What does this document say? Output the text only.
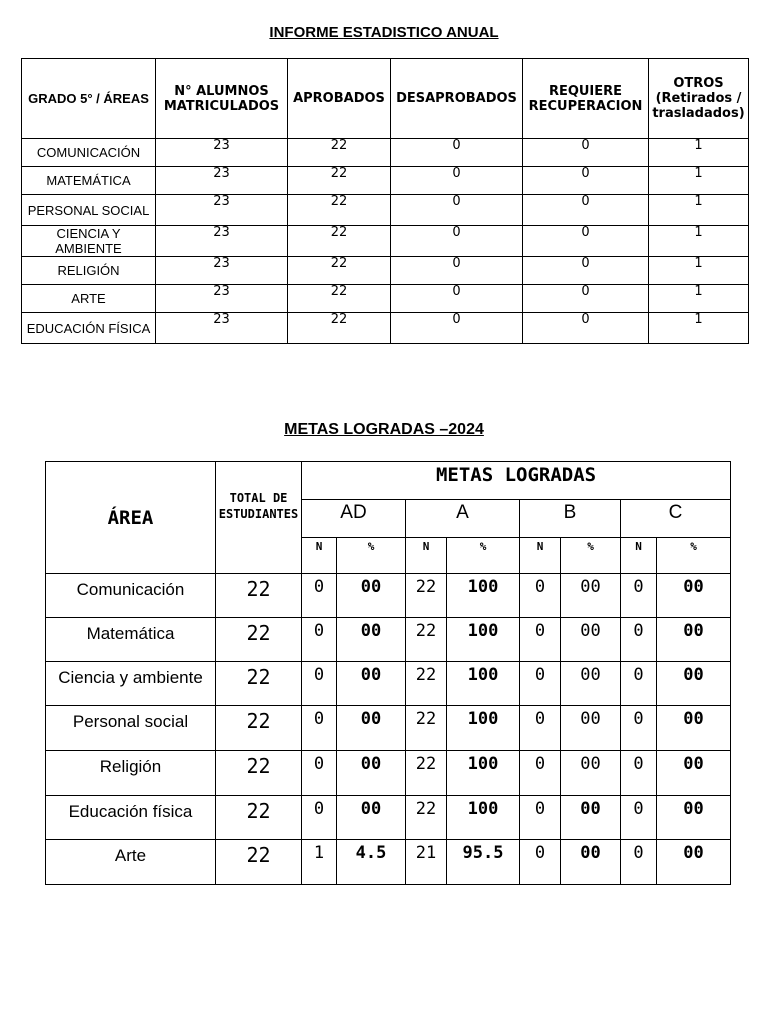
INFORME ESTADISTICO ANUAL
GRADO 5° / ÁREAS	N° ALUMNOS MATRICULADOS	APROBADOS	DESAPROBADOS	REQUIERE RECUPERACION	OTROS (Retirados / trasladados)
COMUNICACIÓN	23	22	0	0	1
MATEMÁTICA	23	22	0	0	1
PERSONAL SOCIAL	23	22	0	0	1
CIENCIA Y AMBIENTE	23	22	0	0	1
RELIGIÓN	23	22	0	0	1
ARTE	23	22	0	0	1
EDUCACIÓN FÍSICA	23	22	0	0	1
METAS LOGRADAS –2024
ÁREA	TOTAL DE ESTUDIANTES	METAS LOGRADAS							
		AD		A		B		C	
		N	%	N	%	N	%	N	%
Comunicación	22	0	00	22	100	0	00	0	00
Matemática	22	0	00	22	100	0	00	0	00
Ciencia y ambiente	22	0	00	22	100	0	00	0	00
Personal social	22	0	00	22	100	0	00	0	00
Religión	22	0	00	22	100	0	00	0	00
Educación física	22	0	00	22	100	0	00	0	00
Arte	22	1	4.5	21	95.5	0	00	0	00
